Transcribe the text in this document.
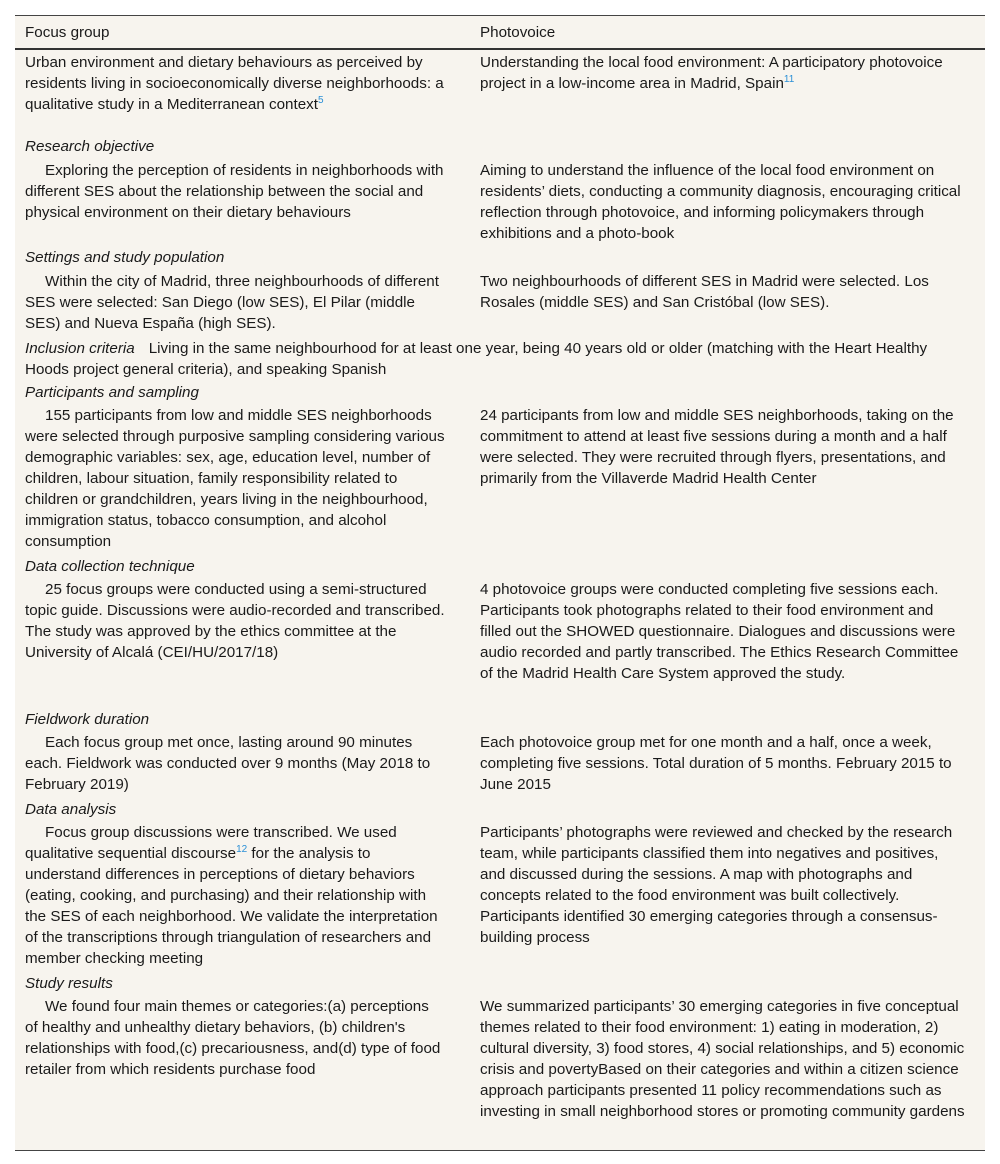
Focus group	Photovoice
Urban environment and dietary behaviours as perceived by residents living in socioeconomically diverse neighborhoods: a qualitative study in a Mediterranean context$^5$
Understanding the local food environment: A participatory photovoice project in a low-income area in Madrid, Spain$^{11}$
Research objective
Exploring the perception of residents in neighborhoods with different SES about the relationship between the social and physical environment on their dietary behaviours
Aiming to understand the influence of the local food environment on residents’ diets, conducting a community diagnosis, encouraging critical reflection through photovoice, and informing policymakers through exhibitions and a photo-book
Settings and study population
Within the city of Madrid, three neighbourhoods of different SES were selected: San Diego (low SES), El Pilar (middle SES) and Nueva España (high SES).
Two neighbourhoods of different SES in Madrid were selected. Los Rosales (middle SES) and San Cristóbal (low SES).
Inclusion criteria Living in the same neighbourhood for at least one year, being 40 years old or older (matching with the Heart Healthy Hoods project general criteria), and speaking Spanish
Participants and sampling
155 participants from low and middle SES neighborhoods were selected through purposive sampling considering various demographic variables: sex, age, education level, number of children, labour situation, family responsibility related to children or grandchildren, years living in the neighbourhood, immigration status, tobacco consumption, and alcohol consumption
24 participants from low and middle SES neighborhoods, taking on the commitment to attend at least five sessions during a month and a half were selected. They were recruited through flyers, presentations, and primarily from the Villaverde Madrid Health Center
Data collection technique
25 focus groups were conducted using a semi-structured topic guide. Discussions were audio-recorded and transcribed. The study was approved by the ethics committee at the University of Alcalá (CEI/HU/2017/18)
4 photovoice groups were conducted completing five sessions each. Participants took photographs related to their food environment and filled out the SHOWED questionnaire. Dialogues and discussions were audio recorded and partly transcribed. The Ethics Research Committee of the Madrid Health Care System approved the study.
Fieldwork duration
Each focus group met once, lasting around 90 minutes each. Fieldwork was conducted over 9 months (May 2018 to February 2019)
Each photovoice group met for one month and a half, once a week, completing five sessions. Total duration of 5 months. February 2015 to June 2015
Data analysis
Focus group discussions were transcribed. We used qualitative sequential discourse$^{12}$ for the analysis to understand differences in perceptions of dietary behaviors (eating, cooking, and purchasing) and their relationship with the SES of each neighborhood. We validate the interpretation of the transcriptions through triangulation of researchers and member checking meeting
Participants’ photographs were reviewed and checked by the research team, while participants classified them into negatives and positives, and discussed during the sessions. A map with photographs and concepts related to the food environment was built collectively. Participants identified 30 emerging categories through a consensus-building process
Study results
We found four main themes or categories:(a) perceptions of healthy and unhealthy dietary behaviors, (b) children's relationships with food,(c) precariousness, and(d) type of food retailer from which residents purchase food
We summarized participants’ 30 emerging categories in five conceptual themes related to their food environment: 1) eating in moderation, 2) cultural diversity, 3) food stores, 4) social relationships, and 5) economic crisis and povertyBased on their categories and within a citizen science approach participants presented 11 policy recommendations such as investing in small neighborhood stores or promoting community gardens
